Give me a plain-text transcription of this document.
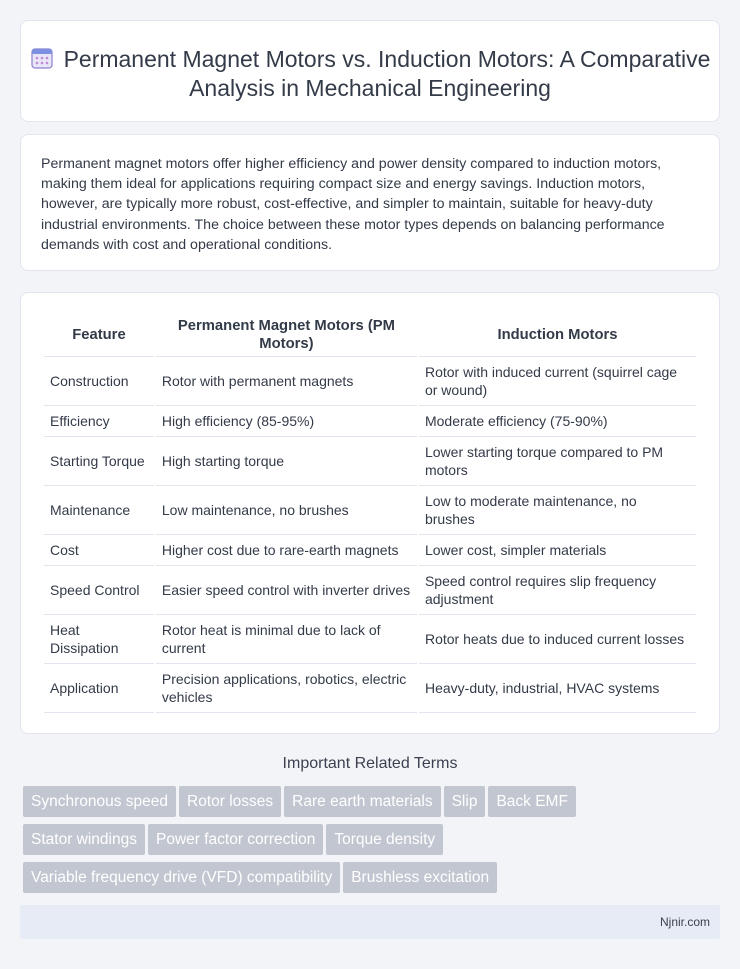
Permanent Magnet Motors vs. Induction Motors: A Comparative Analysis in Mechanical Engineering

Permanent magnet motors offer higher efficiency and power density compared to induction motors, making them ideal for applications requiring compact size and energy savings. Induction motors, however, are typically more robust, cost-effective, and simpler to maintain, suitable for heavy-duty industrial environments. The choice between these motor types depends on balancing performance demands with cost and operational conditions.

Feature	Permanent Magnet Motors (PM Motors)	Induction Motors
Construction	Rotor with permanent magnets	Rotor with induced current (squirrel cage or wound)
Efficiency	High efficiency (85-95%)	Moderate efficiency (75-90%)
Starting Torque	High starting torque	Lower starting torque compared to PM motors
Maintenance	Low maintenance, no brushes	Low to moderate maintenance, no brushes
Cost	Higher cost due to rare-earth magnets	Lower cost, simpler materials
Speed Control	Easier speed control with inverter drives	Speed control requires slip frequency adjustment
Heat Dissipation	Rotor heat is minimal due to lack of current	Rotor heats due to induced current losses
Application	Precision applications, robotics, electric vehicles	Heavy-duty, industrial, HVAC systems
Important Related Terms
Synchronous speed Rotor losses Rare earth materials Slip Back EMF
Stator windings Power factor correction Torque density
Variable frequency drive (VFD) compatibility Brushless excitation
Njnir.com
